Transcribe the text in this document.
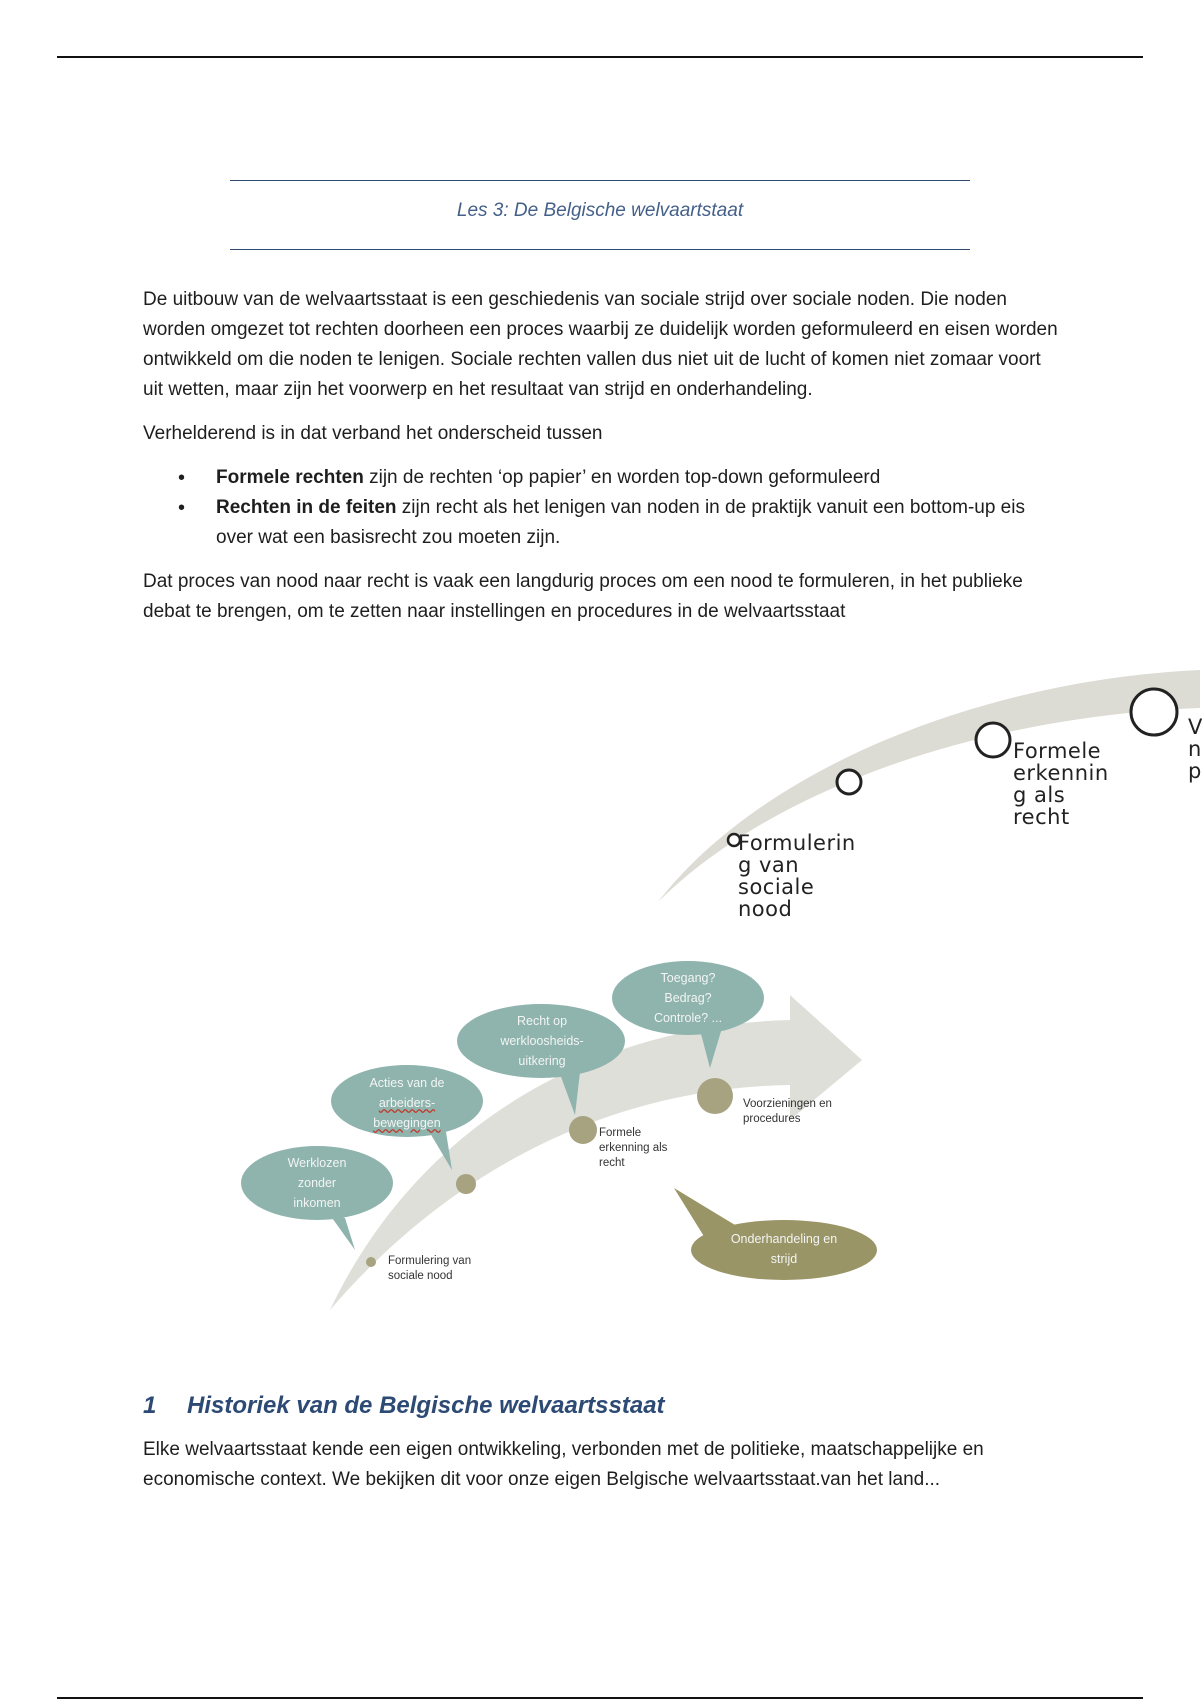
Les 3: De Belgische welvaartstaat

De uitbouw van de welvaartsstaat is een geschiedenis van sociale strijd over sociale noden. Die noden worden omgezet tot rechten doorheen een proces waarbij ze duidelijk worden geformuleerd en eisen worden ontwikkeld om die noden te lenigen. Sociale rechten vallen dus niet uit de lucht of komen niet zomaar voort uit wetten, maar zijn het voorwerp en het resultaat van strijd en onderhandeling.

Verhelderend is in dat verband het onderscheid tussen

• Formele rechten zijn de rechten ‘op papier’ en worden top-down geformuleerd
• Rechten in de feiten zijn recht als het lenigen van noden in de praktijk vanuit een bottom-up eis over wat een basisrecht zou moeten zijn.

Dat proces van nood naar recht is vaak een langdurig proces om een nood te formuleren, in het publieke debat te brengen, om te zetten naar instellingen en procedures in de welvaartsstaat

Formulerin
g van
sociale
nood
Formele
erkennin
g als
recht
V
n
p
Werklozen
zonder
inkomen
Acties van de
arbeiders-
bewegingen
Recht op
werkloosheids-
uitkering
Toegang?
Bedrag?
Controle? ...
Onderhandeling en
strijd
Formulering van
sociale nood
Formele
erkenning als
recht
Voorzieningen en
procedures
1 Historiek van de Belgische welvaartsstaat

Elke welvaartsstaat kende een eigen ontwikkeling, verbonden met de politieke, maatschappelijke en economische context. We bekijken dit voor onze eigen Belgische welvaartsstaat.van het land...
